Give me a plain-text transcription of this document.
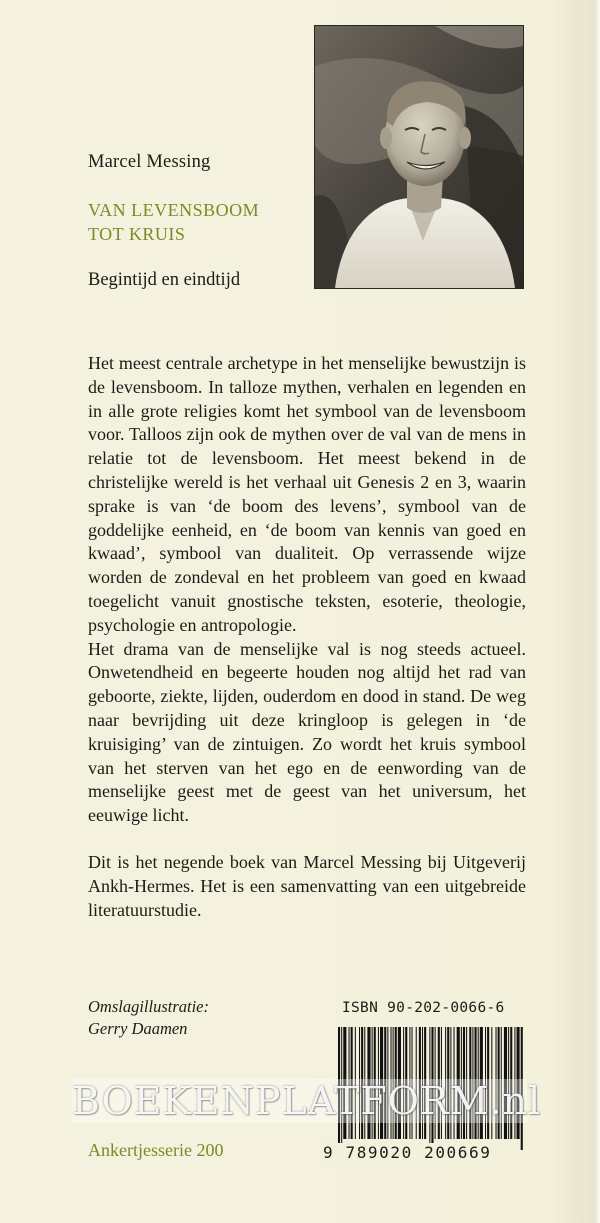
Marcel Messing
VAN LEVENSBOOM
TOT KRUIS
Begintijd en eindtijd

Het meest centrale archetype in het menselijke bewustzijn is de levensboom. In talloze mythen, verhalen en legenden en in alle grote religies komt het symbool van de levensboom voor. Talloos zijn ook de mythen over de val van de mens in relatie tot de levensboom. Het meest bekend in de christelijke wereld is het verhaal uit Genesis 2 en 3, waarin sprake is van ‘de boom des levens’, symbool van de goddelijke eenheid, en ‘de boom van kennis van goed en kwaad’, symbool van dualiteit. Op verrassende wijze worden de zondeval en het probleem van goed en kwaad toegelicht vanuit gnostische teksten, esoterie, theologie, psychologie en antropologie.

Het drama van de menselijke val is nog steeds actueel. Onwetendheid en begeerte houden nog altijd het rad van geboorte, ziekte, lijden, ouderdom en dood in stand. De weg naar bevrijding uit deze kringloop is gelegen in ‘de kruisiging’ van de zintuigen. Zo wordt het kruis symbool van het sterven van het ego en de eenwording van de menselijke geest met de geest van het universum, het eeuwige licht.

Dit is het negende boek van Marcel Messing bij Uitgeverij Ankh-Hermes. Het is een samenvatting van een uitgebreide literatuurstudie.

Omslagillustratie:
Gerry Daamen
ISBN 90-202-0066-6
9 789020 200669
Ankertjesserie 200
BOEKENPLATFORM.nl
